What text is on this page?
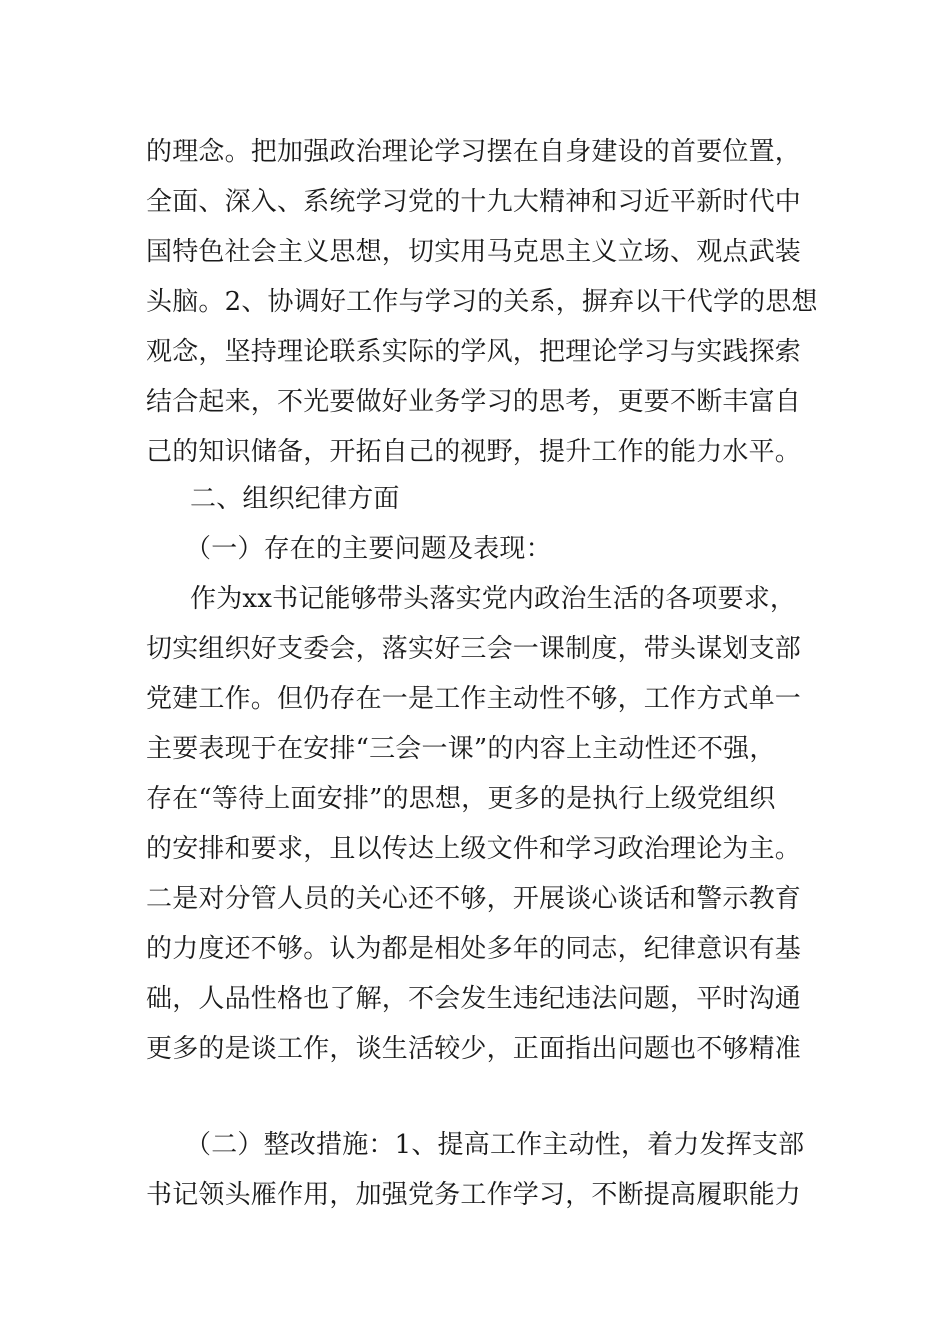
的理念。把加强政治理论学习摆在自身建设的首要位置，
全面、深入、系统学习党的十九大精神和习近平新时代中
国特色社会主义思想，切实用马克思主义立场、观点武装
头脑。2、协调好工作与学习的关系，摒弃以干代学的思想
观念，坚持理论联系实际的学风，把理论学习与实践探索
结合起来，不光要做好业务学习的思考，更要不断丰富自
己的知识储备，开拓自己的视野，提升工作的能力水平。
二、组织纪律方面
（一）存在的主要问题及表现：
作为xx书记能够带头落实党内政治生活的各项要求，
切实组织好支委会，落实好三会一课制度，带头谋划支部
党建工作。但仍存在一是工作主动性不够，工作方式单一
主要表现于在安排“三会一课”的内容上主动性还不强，
存在“等待上面安排”的思想，更多的是执行上级党组织
的安排和要求，且以传达上级文件和学习政治理论为主。
二是对分管人员的关心还不够，开展谈心谈话和警示教育
的力度还不够。认为都是相处多年的同志，纪律意识有基
础，人品性格也了解，不会发生违纪违法问题，平时沟通
更多的是谈工作，谈生活较少，正面指出问题也不够精准
（二）整改措施：1、提高工作主动性，着力发挥支部
书记领头雁作用，加强党务工作学习，不断提高履职能力
